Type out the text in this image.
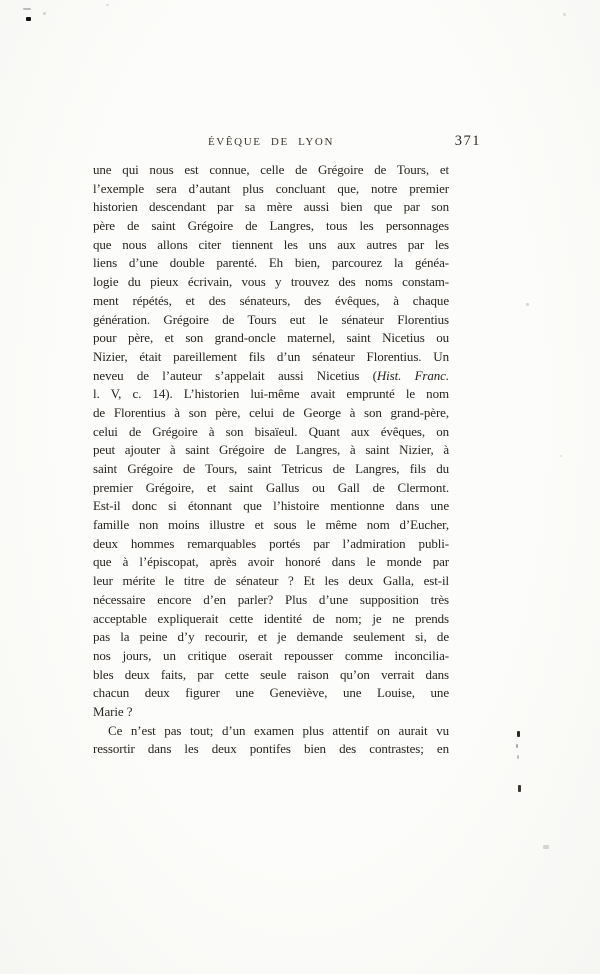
ÉVÊQUE DE LYON	371
une qui nous est connue, celle de Grégoire de Tours, et
l’exemple sera d’autant plus concluant que, notre premier
historien descendant par sa mère aussi bien que par son
père de saint Grégoire de Langres, tous les personnages
que nous allons citer tiennent les uns aux autres par les
liens d’une double parenté. Eh bien, parcourez la généa-
logie du pieux écrivain, vous y trouvez des noms constam-
ment répétés, et des sénateurs, des évêques, à chaque
génération. Grégoire de Tours eut le sénateur Florentius
pour père, et son grand-oncle maternel, saint Nicetius ou
Nizier, était pareillement fils d’un sénateur Florentius. Un
neveu de l’auteur s’appelait aussi Nicetius (Hist. Franc.
l. V, c. 14). L’historien lui-même avait emprunté le nom
de Florentius à son père, celui de George à son grand-père,
celui de Grégoire à son bisaïeul. Quant aux évêques, on
peut ajouter à saint Grégoire de Langres, à saint Nizier, à
saint Grégoire de Tours, saint Tetricus de Langres, fils du
premier Grégoire, et saint Gallus ou Gall de Clermont.
Est-il donc si étonnant que l’histoire mentionne dans une
famille non moins illustre et sous le même nom d’Eucher,
deux hommes remarquables portés par l’admiration publi-
que à l’épiscopat, après avoir honoré dans le monde par
leur mérite le titre de sénateur ? Et les deux Galla, est-il
nécessaire encore d’en parler? Plus d’une supposition très
acceptable expliquerait cette identité de nom; je ne prends
pas la peine d’y recourir, et je demande seulement si, de
nos jours, un critique oserait repousser comme inconcilia-
bles deux faits, par cette seule raison qu’on verrait dans
chacun deux figurer une Geneviève, une Louise, une
Marie ?
Ce n’est pas tout; d’un examen plus attentif on aurait vu
ressortir dans les deux pontifes bien des contrastes; en
